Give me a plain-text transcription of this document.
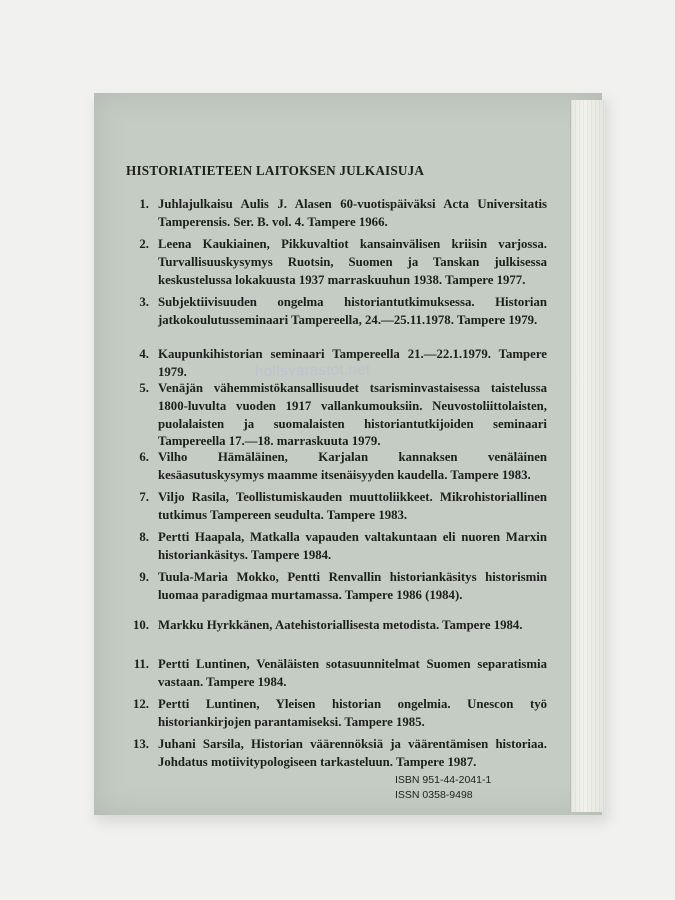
HISTORIATIETEEN LAITOKSEN JULKAISUJA
1. Juhlajulkaisu Aulis J. Alasen 60-vuotispäiväksi Acta Universitatis Tamperensis. Ser. B. vol. 4. Tampere 1966.
2. Leena Kaukiainen, Pikkuvaltiot kansainvälisen kriisin varjossa. Turvallisuuskysymys Ruotsin, Suomen ja Tanskan julkisessa keskustelussa lokakuusta 1937 marraskuuhun 1938. Tampere 1977.
3. Subjektiivisuuden ongelma historiantutkimuksessa. Historian jatkokoulutusseminaari Tampereella, 24.—25.11.1978. Tampere 1979.
4. Kaupunkihistorian seminaari Tampereella 21.—22.1.1979. Tampere 1979.
5. Venäjän vähemmistökansallisuudet tsarisminvastaisessa taistelussa 1800-luvulta vuoden 1917 vallankumouksiin. Neuvostoliittolaisten, puolalaisten ja suomalaisten historiantutkijoiden seminaari Tampereella 17.—18. marraskuuta 1979.
6. Vilho Hämäläinen, Karjalan kannaksen venäläinen kesäasutuskysymys maamme itsenäisyyden kaudella. Tampere 1983.
7. Viljo Rasila, Teollistumiskauden muuttoliikkeet. Mikrohistoriallinen tutkimus Tampereen seudulta. Tampere 1983.
8. Pertti Haapala, Matkalla vapauden valtakuntaan eli nuoren Marxin historiankäsitys. Tampere 1984.
9. Tuula-Maria Mokko, Pentti Renvallin historiankäsitys historismin luomaa paradigmaa murtamassa. Tampere 1986 (1984).
10. Markku Hyrkkänen, Aatehistoriallisesta metodista. Tampere 1984.
11. Pertti Luntinen, Venäläisten sotasuunnitelmat Suomen separatismia vastaan. Tampere 1984.
12. Pertti Luntinen, Yleisen historian ongelmia. Unescon työ historiankirjojen parantamiseksi. Tampere 1985.
13. Juhani Sarsila, Historian väärennöksiä ja väärentämisen historiaa. Johdatus motiivitypologiseen tarkasteluun. Tampere 1987.
holtsvarastot.net
ISBN 951-44-2041-1
ISSN 0358-9498
